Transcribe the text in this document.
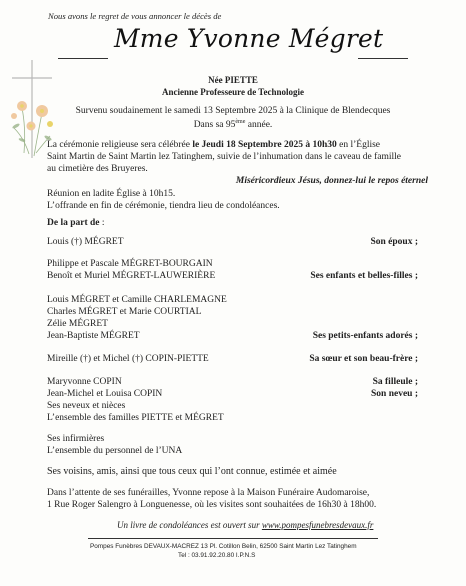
Nous avons le regret de vous annoncer le décès de
Mme Yvonne Mégret
Née PIETTE
Ancienne Professeure de Technologie
Survenu soudainement le samedi 13 Septembre 2025 à la Clinique de Blendecques
Dans sa 95ème année.
La cérémonie religieuse sera célébrée le Jeudi 18 Septembre 2025 à 10h30 en l’Église
Saint Martin de Saint Martin lez Tatinghem, suivie de l’inhumation dans le caveau de famille
au cimetière des Bruyeres.
Miséricordieux Jésus, donnez-lui le repos éternel
Réunion en ladite Église à 10h15.
L’offrande en fin de cérémonie, tiendra lieu de condoléances.
De la part de :
Louis (†) MÉGRET	Son époux ;
Philippe et Pascale MÉGRET-BOURGAIN
Benoît et Muriel MÉGRET-LAUWERIÈRE	Ses enfants et belles-filles ;
Louis MÉGRET et Camille CHARLEMAGNE
Charles MÉGRET et Marie COURTIAL
Zélie MÉGRET
Jean-Baptiste MÉGRET	Ses petits-enfants adorés ;
Mireille (†) et Michel (†) COPIN-PIETTE	Sa sœur et son beau-frère ;
Maryvonne COPIN	Sa filleule ;
Jean-Michel et Louisa COPIN	Son neveu ;
Ses neveux et nièces
L’ensemble des familles PIETTE et MÉGRET
Ses infirmières
L’ensemble du personnel de l’UNA
Ses voisins, amis, ainsi que tous ceux qui l’ont connue, estimée et aimée
Dans l’attente de ses funérailles, Yvonne repose à la Maison Funéraire Audomaroise,
1 Rue Roger Salengro à Longuenesse, où les visites sont souhaitées de 16h30 à 18h00.
Un livre de condoléances est ouvert sur www.pompesfunebresdevaux.fr
Pompes Funèbres DEVAUX-MACREZ 13 Pl. Cotillon Belin, 62500 Saint Martin Lez Tatinghem
Tel : 03.91.92.20.80 I.P.N.S
